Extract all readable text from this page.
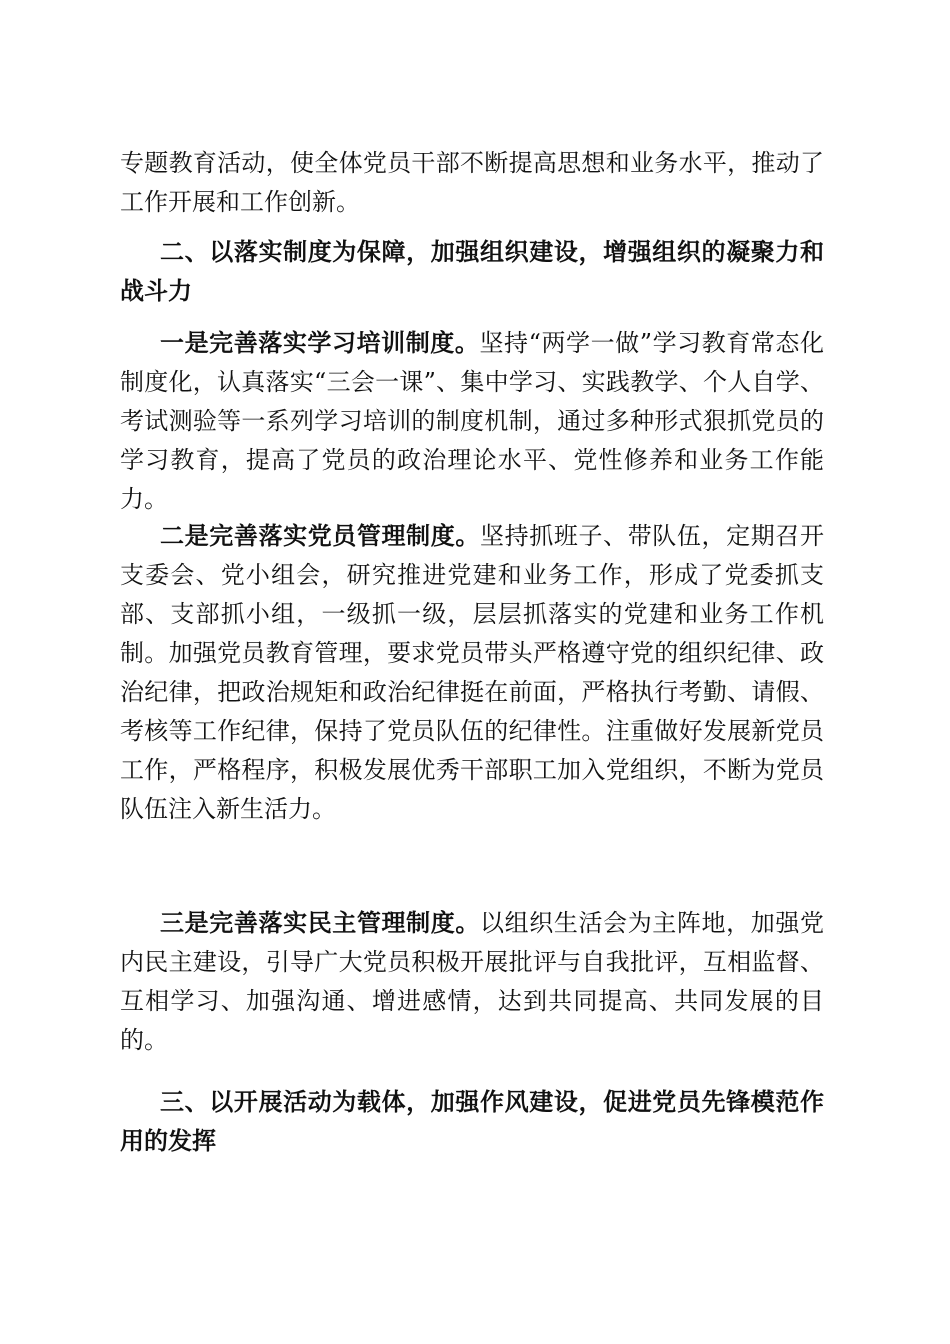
专题教育活动，使全体党员干部不断提高思想和业务水平，推动了工作开展和工作创新。

二、以落实制度为保障，加强组织建设，增强组织的凝聚力和战斗力

一是完善落实学习培训制度。坚持“两学一做”学习教育常态化制度化，认真落实“三会一课”、集中学习、实践教学、个人自学、考试测验等一系列学习培训的制度机制，通过多种形式狠抓党员的学习教育，提高了党员的政治理论水平、党性修养和业务工作能力。

二是完善落实党员管理制度。坚持抓班子、带队伍，定期召开支委会、党小组会，研究推进党建和业务工作，形成了党委抓支部、支部抓小组，一级抓一级，层层抓落实的党建和业务工作机制。加强党员教育管理，要求党员带头严格遵守党的组织纪律、政治纪律，把政治规矩和政治纪律挺在前面，严格执行考勤、请假、考核等工作纪律，保持了党员队伍的纪律性。注重做好发展新党员工作，严格程序，积极发展优秀干部职工加入党组织，不断为党员队伍注入新生活力。

三是完善落实民主管理制度。以组织生活会为主阵地，加强党内民主建设，引导广大党员积极开展批评与自我批评，互相监督、互相学习、加强沟通、增进感情，达到共同提高、共同发展的目的。

三、以开展活动为载体，加强作风建设，促进党员先锋模范作用的发挥
